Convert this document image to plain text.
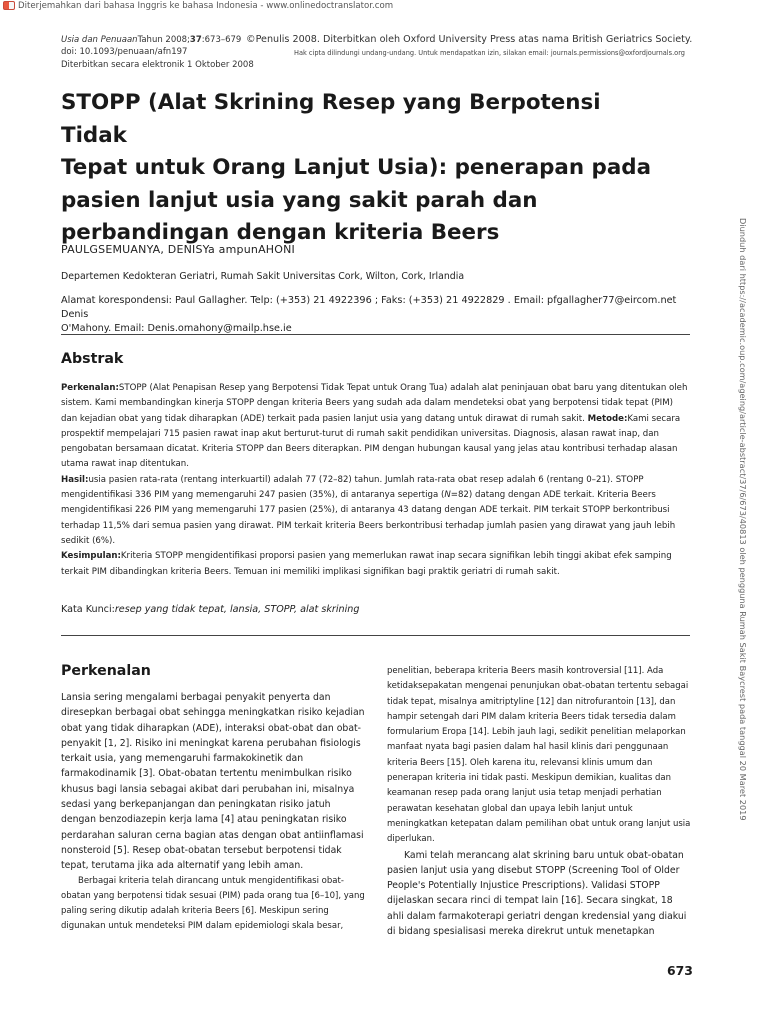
Diterjemahkan dari bahasa Inggris ke bahasa Indonesia - www.onlinedoctranslator.com
Usia dan PenuaanTahun 2008;37:673–679
doi: 10.1093/penuaan/afn197
Diterbitkan secara elektronik 1 Oktober 2008
©Penulis 2008. Diterbitkan oleh Oxford University Press atas nama British Geriatrics Society.
Hak cipta dilindungi undang-undang. Untuk mendapatkan izin, silakan email: journals.permissions@oxfordjournals.org
STOPP (Alat Skrining Resep yang Berpotensi Tidak
Tepat untuk Orang Lanjut Usia): penerapan pada
pasien lanjut usia yang sakit parah dan
perbandingan dengan kriteria Beers
PAULGSEMUANYA, DENISYa ampunAHONI
Departemen Kedokteran Geriatri, Rumah Sakit Universitas Cork, Wilton, Cork, Irlandia
Alamat korespondensi: Paul Gallagher. Telp: (+353) 21 4922396 ; Faks: (+353) 21 4922829 . Email: pfgallagher77@eircom.net Denis
O'Mahony. Email: Denis.omahony@mailp.hse.ie
Abstrak

Perkenalan:STOPP (Alat Penapisan Resep yang Berpotensi Tidak Tepat untuk Orang Tua) adalah alat peninjauan obat baru yang ditentukan oleh sistem. Kami membandingkan kinerja STOPP dengan kriteria Beers yang sudah ada dalam mendeteksi obat yang berpotensi tidak tepat (PIM) dan kejadian obat yang tidak diharapkan (ADE) terkait pada pasien lanjut usia yang datang untuk dirawat di rumah sakit. Metode:Kami secara prospektif mempelajari 715 pasien rawat inap akut berturut-turut di rumah sakit pendidikan universitas. Diagnosis, alasan rawat inap, dan pengobatan bersamaan dicatat. Kriteria STOPP dan Beers diterapkan. PIM dengan hubungan kausal yang jelas atau kontribusi terhadap alasan utama rawat inap ditentukan.

Hasil:usia pasien rata-rata (rentang interkuartil) adalah 77 (72–82) tahun. Jumlah rata-rata obat resep adalah 6 (rentang 0–21). STOPP mengidentifikasi 336 PIM yang memengaruhi 247 pasien (35%), di antaranya sepertiga (N=82) datang dengan ADE terkait. Kriteria Beers mengidentifikasi 226 PIM yang memengaruhi 177 pasien (25%), di antaranya 43 datang dengan ADE terkait. PIM terkait STOPP berkontribusi terhadap 11,5% dari semua pasien yang dirawat. PIM terkait kriteria Beers berkontribusi terhadap jumlah pasien yang dirawat yang jauh lebih sedikit (6%).

Kesimpulan:Kriteria STOPP mengidentifikasi proporsi pasien yang memerlukan rawat inap secara signifikan lebih tinggi akibat efek samping terkait PIM dibandingkan kriteria Beers. Temuan ini memiliki implikasi signifikan bagi praktik geriatri di rumah sakit.

Kata Kunci:resep yang tidak tepat, lansia, STOPP, alat skrining
Perkenalan

Lansia sering mengalami berbagai penyakit penyerta dan diresepkan berbagai obat sehingga meningkatkan risiko kejadian obat yang tidak diharapkan (ADE), interaksi obat-obat dan obat-penyakit [1, 2]. Risiko ini meningkat karena perubahan fisiologis terkait usia, yang memengaruhi farmakokinetik dan farmakodinamik [3]. Obat-obatan tertentu menimbulkan risiko khusus bagi lansia sebagai akibat dari perubahan ini, misalnya sedasi yang berkepanjangan dan peningkatan risiko jatuh dengan benzodiazepin kerja lama [4] atau peningkatan risiko perdarahan saluran cerna bagian atas dengan obat antiinflamasi nonsteroid [5]. Resep obat-obatan tersebut berpotensi tidak tepat, terutama jika ada alternatif yang lebih aman.

Berbagai kriteria telah dirancang untuk mengidentifikasi obat-obatan yang berpotensi tidak sesuai (PIM) pada orang tua [6–10], yang paling sering dikutip adalah kriteria Beers [6]. Meskipun sering digunakan untuk mendeteksi PIM dalam epidemiologi skala besar,

penelitian, beberapa kriteria Beers masih kontroversial [11]. Ada ketidaksepakatan mengenai penunjukan obat-obatan tertentu sebagai tidak tepat, misalnya amitriptyline [12] dan nitrofurantoin [13], dan hampir setengah dari PIM dalam kriteria Beers tidak tersedia dalam formularium Eropa [14]. Lebih jauh lagi, sedikit penelitian melaporkan manfaat nyata bagi pasien dalam hal hasil klinis dari penggunaan kriteria Beers [15]. Oleh karena itu, relevansi klinis umum dan penerapan kriteria ini tidak pasti. Meskipun demikian, kualitas dan keamanan resep pada orang lanjut usia tetap menjadi perhatian perawatan kesehatan global dan upaya lebih lanjut untuk meningkatkan ketepatan dalam pemilihan obat untuk orang lanjut usia diperlukan.

Kami telah merancang alat skrining baru untuk obat-obatan pasien lanjut usia yang disebut STOPP (Screening Tool of Older People's Potentially Injustice Prescriptions). Validasi STOPP dijelaskan secara rinci di tempat lain [16]. Secara singkat, 18 ahli dalam farmakoterapi geriatri dengan kredensial yang diakui di bidang spesialisasi mereka direkrut untuk menetapkan

673
Diunduh dari https://academic.oup.com/ageing/article-abstract/37/6/673/40813 oleh pengguna Rumah Sakit Baycrest pada tanggal 20 Maret 2019
